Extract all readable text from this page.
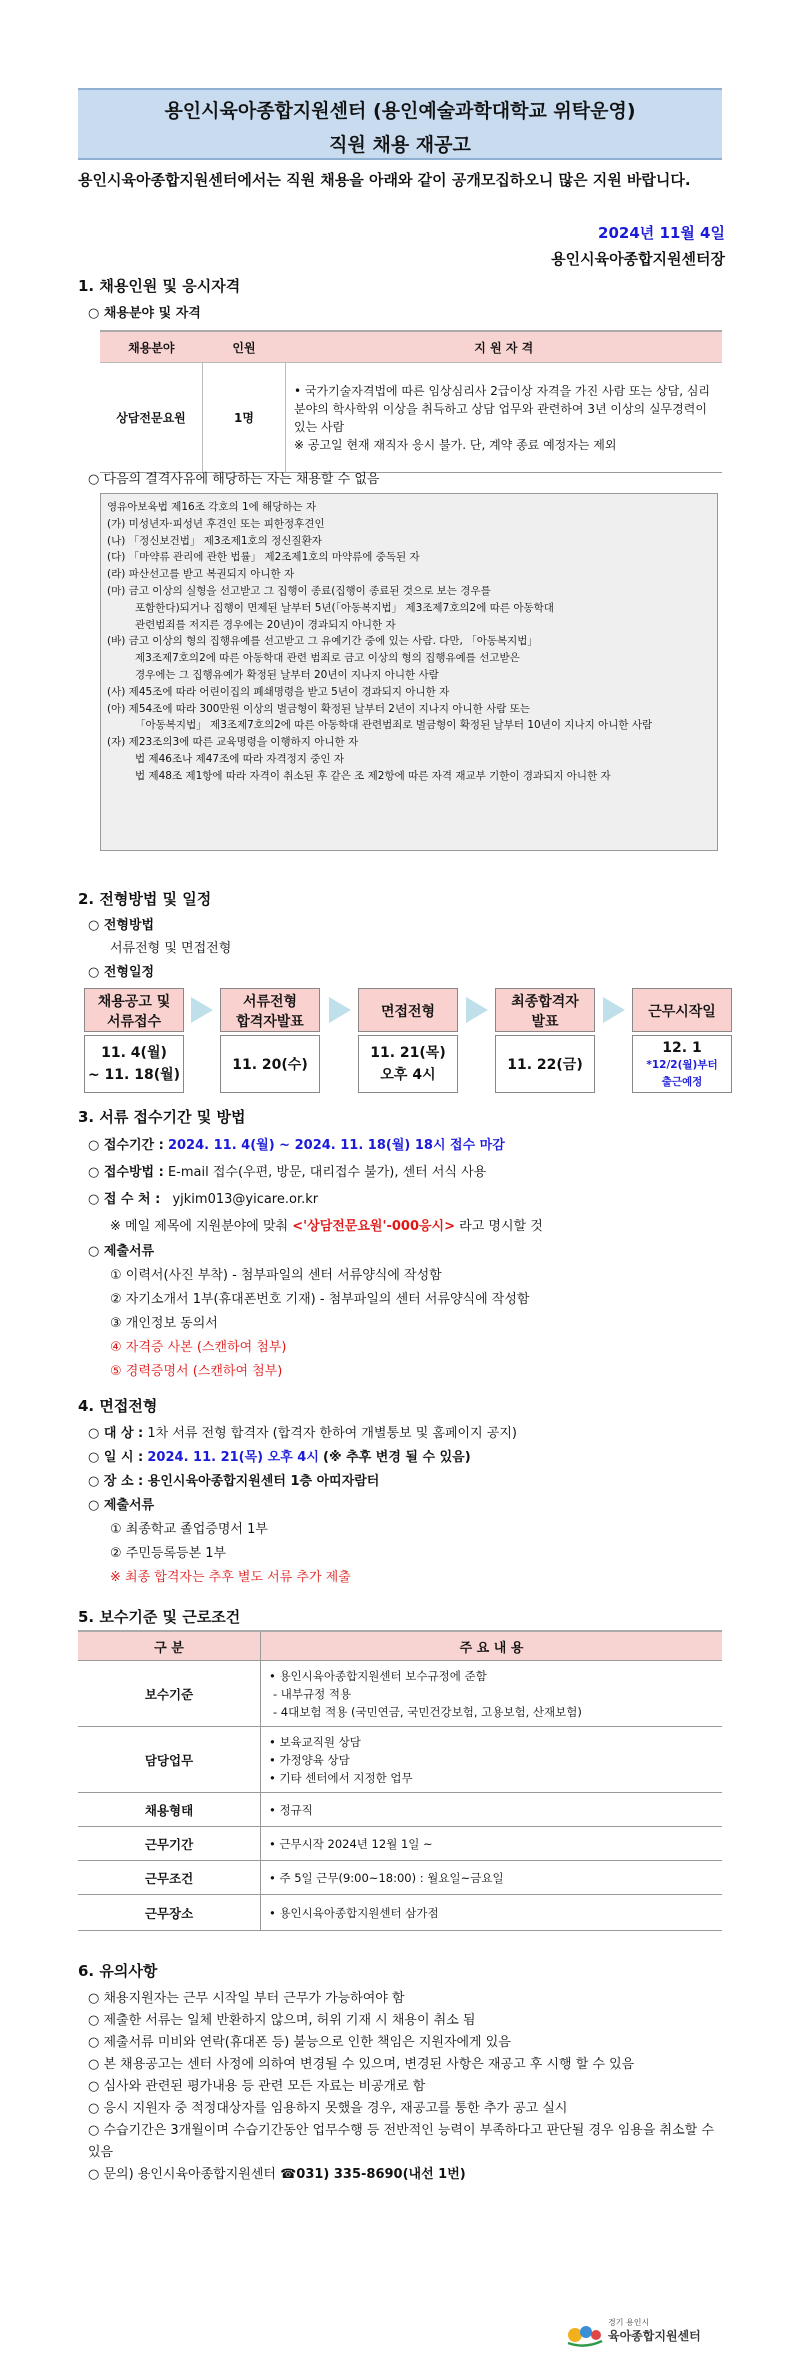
용인시육아종합지원센터 (용인예술과학대학교 위탁운영)
직원 채용 재공고
용인시육아종합지원센터에서는 직원 채용을 아래와 같이 공개모집하오니 많은 지원 바랍니다.
2024년 11월 4일
용인시육아종합지원센터장
1. 채용인원 및 응시자격
○ 채용분야 및 자격
채용분야	인원	지 원 자 격
상담전문요원	1명	• 국가기술자격법에 따른 임상심리사 2급이상 자격을 가진 사람 또는 상담, 심리분야의 학사학위 이상을 취득하고 상담 업무와 관련하여 3년 이상의 실무경력이 있는 사람
※ 공고일 현재 재직자 응시 불가. 단, 계약 종료 예정자는 제외
○ 다음의 결격사유에 해당하는 자는 채용할 수 없음
영유아보육법 제16조 각호의 1에 해당하는 자
(가) 미성년자·피성년 후견인 또는 피한정후견인
(나) 「정신보건법」 제3조제1호의 정신질환자
(다) 「마약류 관리에 관한 법률」 제2조제1호의 마약류에 중독된 자
(라) 파산선고를 받고 복권되지 아니한 자
(마) 금고 이상의 실형을 선고받고 그 집행이 종료(집행이 종료된 것으로 보는 경우를
포함한다)되거나 집행이 면제된 날부터 5년(「아동복지법」 제3조제7호의2에 따른 아동학대
관련범죄를 저지른 경우에는 20년)이 경과되지 아니한 자
(바) 금고 이상의 형의 집행유예를 선고받고 그 유예기간 중에 있는 사람. 다만, 「아동복지법」
제3조제7호의2에 따른 아동학대 관련 범죄로 금고 이상의 형의 집행유예를 선고받은
경우에는 그 집행유예가 확정된 날부터 20년이 지나지 아니한 사람
(사) 제45조에 따라 어린이집의 폐쇄명령을 받고 5년이 경과되지 아니한 자
(아) 제54조에 따라 300만원 이상의 벌금형이 확정된 날부터 2년이 지나지 아니한 사람 또는
「아동복지법」 제3조제7호의2에 따른 아동학대 관련범죄로 벌금형이 확정된 날부터 10년이 지나지 아니한 사람
(자) 제23조의3에 따른 교육명령을 이행하지 아니한 자
법 제46조나 제47조에 따라 자격정지 중인 자
법 제48조 제1항에 따라 자격이 취소된 후 같은 조 제2항에 따른 자격 재교부 기한이 경과되지 아니한 자
2. 전형방법 및 일정
○ 전형방법
서류전형 및 면접전형
○ 전형일정
채용공고 및
서류접수
11. 4(월)
~ 11. 18(월)
서류전형
합격자발표
11. 20(수)
면접전형
11. 21(목)
오후 4시
최종합격자
발표
11. 22(금)
근무시작일
12. 1
*12/2(월)부터
출근예정
3. 서류 접수기간 및 방법
○ 접수기간 : 2024. 11. 4(월) ~ 2024. 11. 18(월) 18시 접수 마감
○ 접수방법 : E-mail 접수(우편, 방문, 대리접수 불가), 센터 서식 사용
○ 접 수 처 : yjkim013@yicare.or.kr
※ 메일 제목에 지원분야에 맞춰 <'상담전문요원'-000응시> 라고 명시할 것
○ 제출서류
① 이력서(사진 부착) - 첨부파일의 센터 서류양식에 작성함
② 자기소개서 1부(휴대폰번호 기재) - 첨부파일의 센터 서류양식에 작성함
③ 개인정보 동의서
④ 자격증 사본 (스캔하여 첨부)
⑤ 경력증명서 (스캔하여 첨부)
4. 면접전형
○ 대 상 : 1차 서류 전형 합격자 (합격자 한하여 개별통보 및 홈페이지 공지)
○ 일 시 : 2024. 11. 21(목) 오후 4시 (※ 추후 변경 될 수 있음)
○ 장 소 : 용인시육아종합지원센터 1층 아띠자람터
○ 제출서류
① 최종학교 졸업증명서 1부
② 주민등록등본 1부
※ 최종 합격자는 추후 별도 서류 추가 제출
5. 보수기준 및 근로조건
구 분	주 요 내 용
보수기준	• 용인시육아종합지원센터 보수규정에 준함
- 내부규정 적용
- 4대보험 적용 (국민연금, 국민건강보험, 고용보험, 산재보험)

담당업무	• 보육교직원 상담
• 가정양육 상담
• 기타 센터에서 지정한 업무

채용형태	• 정규직

근무기간	• 근무시작 2024년 12월 1일 ~

근무조건	• 주 5일 근무(9:00~18:00) : 월요일~금요일

근무장소	• 용인시육아종합지원센터 삼가점
6. 유의사항
○ 채용지원자는 근무 시작일 부터 근무가 가능하여야 함
○ 제출한 서류는 일체 반환하지 않으며, 허위 기재 시 채용이 취소 됨
○ 제출서류 미비와 연락(휴대폰 등) 불능으로 인한 책임은 지원자에게 있음
○ 본 채용공고는 센터 사정에 의하여 변경될 수 있으며, 변경된 사항은 재공고 후 시행 할 수 있음
○ 심사와 관련된 평가내용 등 관련 모든 자료는 비공개로 함
○ 응시 지원자 중 적정대상자를 임용하지 못했을 경우, 재공고를 통한 추가 공고 실시
○ 수습기간은 3개월이며 수습기간동안 업무수행 등 전반적인 능력이 부족하다고 판단될 경우 임용을 취소할 수 있음
○ 문의) 용인시육아종합지원센터 ☎031) 335-8690(내선 1번)
경기 용인시
육아종합지원센터
